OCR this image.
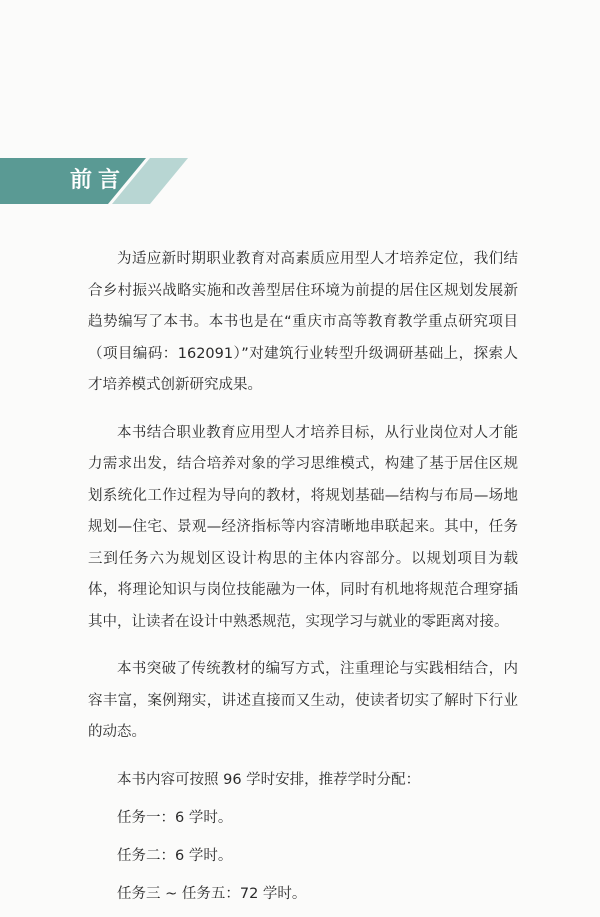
前言

为适应新时期职业教育对高素质应用型人才培养定位，我们结合乡村振兴战略实施和改善型居住环境为前提的居住区规划发展新趋势编写了本书。本书也是在“重庆市高等教育教学重点研究项目（项目编码：162091）”对建筑行业转型升级调研基础上，探索人才培养模式创新研究成果。

本书结合职业教育应用型人才培养目标，从行业岗位对人才能力需求出发，结合培养对象的学习思维模式，构建了基于居住区规划系统化工作过程为导向的教材，将规划基础—结构与布局—场地规划—住宅、景观—经济指标等内容清晰地串联起来。其中，任务三到任务六为规划区设计构思的主体内容部分。以规划项目为载体，将理论知识与岗位技能融为一体，同时有机地将规范合理穿插其中，让读者在设计中熟悉规范，实现学习与就业的零距离对接。

本书突破了传统教材的编写方式，注重理论与实践相结合，内容丰富，案例翔实，讲述直接而又生动，使读者切实了解时下行业的动态。

本书内容可按照 96 学时安排，推荐学时分配：

任务一：6 学时。

任务二：6 学时。

任务三 ~ 任务五：72 学时。
